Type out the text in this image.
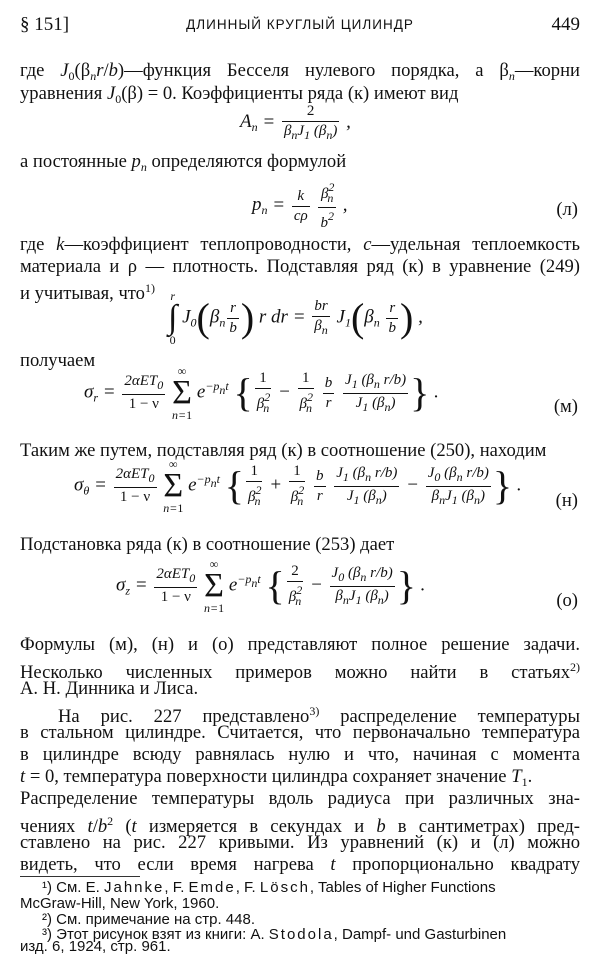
§ 151]	ДЛИННЫЙ КРУГЛЫЙ ЦИЛИНДР	449
где $J_0(\beta_nr/b)—функция$ Бесселя нулевого порядка, а $\beta_n—корни$
уравнения $J_0(\beta) = 0$. Коэффициенты ряда (к) имеют вид
$A_n = \frac{2}{\beta_nJ_1 (\beta_n)}$ ,
а постоянные $p_n$ определяются формулой
$p_n = \frac{k}{c\rho}$
$\frac{\beta^2_n}{b^2}$ ,	(л)
где k—коэффициент теплопроводности, c—удельная теплоемкость
материала и ρ — плотность. Подставляя ряд (к) в уравнение (249)
и учитывая, что$^{1)}$
r
∫
0
$J_0(\beta_n \frac{r}{b}$ ) r dr = $\frac{br}{\beta_n} J_1(\beta_n \frac{r}{b}$ ) ,
получаем
$\sigma_r = \frac{2\alpha ET_0}{1 - \nu}$

∞
Σ
n=1
$e^{-p_nt}$ { $\frac{1}{\beta^2_n} - \frac{1}{\beta^2_n}$
$\frac{b}{r}$
$\frac{J_1 (\beta_n r/b)}{J_1 (\beta_n)}$ } .
(м)
Таким же путем, подставляя ряд (к) в соотношение (250), находим
$\sigma_\theta = \frac{2\alpha ET_0}{1 - \nu}$

∞
Σ
n=1
$e^{-p_nt}$ { $\frac{1}{\beta^2_n} + \frac{1}{\beta^2_n}$
$\frac{b}{r}$
$\frac{J_1 (\beta_n r/b)}{J_1 (\beta_n)} - \frac{J_0 (\beta_n r/b)}{\beta_nJ_1 (\beta_n)}$ } .
(н)
Подстановка ряда (к) в соотношение (253) дает
$\sigma_z = \frac{2\alpha ET_0}{1 - \nu}$

∞
Σ
n=1
$e^{-p_nt}$ { $\frac{2}{\beta^2_n} - \frac{J_0 (\beta_n r/b)}{\beta_nJ_1 (\beta_n)}$ } .
(о)
Формулы (м), (н) и (о) представляют полное решение задачи.
Несколько численных примеров можно найти в статьях$^{2)}$
А. Н. Динника и Лиса.
На рис. 227 представлено$^{3)}$ распределение температуры
в стальном цилиндре. Считается, что первоначально температура
в цилиндре всюду равнялась нулю и что, начиная с момента
t = 0, температура поверхности цилиндра сохраняет значение $T_1$.
Распределение температуры вдоль радиуса при различных зна-
чениях $t/b^2$ (t измеряется в секундах и b в сантиметрах) пред-
ставлено на рис. 227 кривыми. Из уравнений (к) и (л) можно
видеть, что если время нагрева t пропорционально квадрату
¹) См. E. Jahnke, F. Emde, F. Lösch, Tables of Higher Functions
McGraw-Hill, New York, 1960.
²) См. примечание на стр. 448.
³) Этот рисунок взят из книги: A. Stodola, Dampf- und Gasturbinen
изд. 6, 1924, стр. 961.
